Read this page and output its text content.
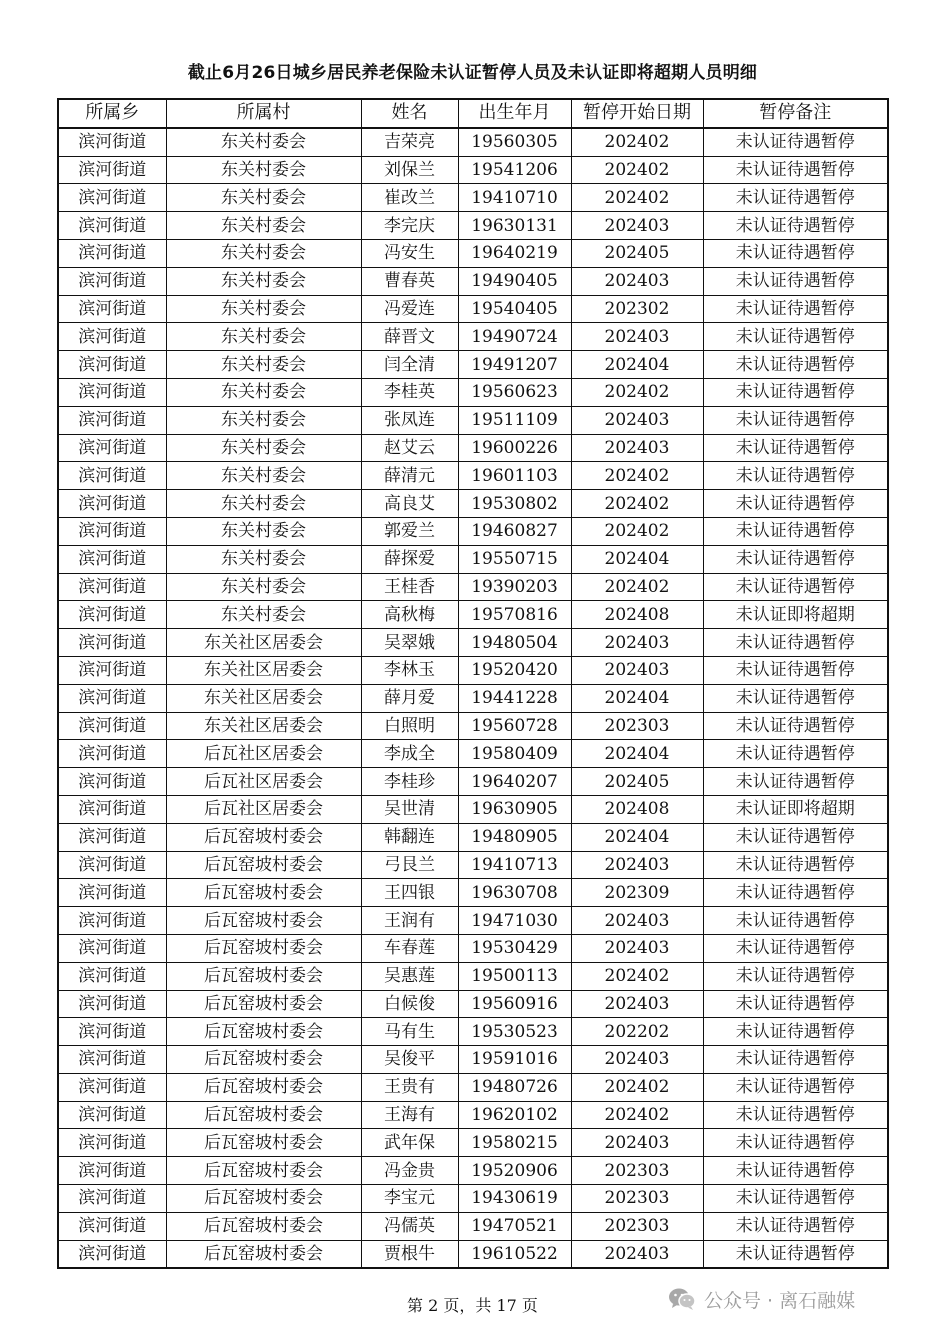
截止6月26日城乡居民养老保险未认证暂停人员及未认证即将超期人员明细
所属乡	所属村	姓名	出生年月	暂停开始日期	暂停备注
滨河街道	东关村委会	吉荣亮	19560305	202402	未认证待遇暂停
滨河街道	东关村委会	刘保兰	19541206	202402	未认证待遇暂停
滨河街道	东关村委会	崔改兰	19410710	202402	未认证待遇暂停
滨河街道	东关村委会	李完庆	19630131	202403	未认证待遇暂停
滨河街道	东关村委会	冯安生	19640219	202405	未认证待遇暂停
滨河街道	东关村委会	曹春英	19490405	202403	未认证待遇暂停
滨河街道	东关村委会	冯爱连	19540405	202302	未认证待遇暂停
滨河街道	东关村委会	薛晋文	19490724	202403	未认证待遇暂停
滨河街道	东关村委会	闫全清	19491207	202404	未认证待遇暂停
滨河街道	东关村委会	李桂英	19560623	202402	未认证待遇暂停
滨河街道	东关村委会	张凤连	19511109	202403	未认证待遇暂停
滨河街道	东关村委会	赵艾云	19600226	202403	未认证待遇暂停
滨河街道	东关村委会	薛清元	19601103	202402	未认证待遇暂停
滨河街道	东关村委会	高良艾	19530802	202402	未认证待遇暂停
滨河街道	东关村委会	郭爱兰	19460827	202402	未认证待遇暂停
滨河街道	东关村委会	薛探爱	19550715	202404	未认证待遇暂停
滨河街道	东关村委会	王桂香	19390203	202402	未认证待遇暂停
滨河街道	东关村委会	高秋梅	19570816	202408	未认证即将超期
滨河街道	东关社区居委会	吴翠娥	19480504	202403	未认证待遇暂停
滨河街道	东关社区居委会	李林玉	19520420	202403	未认证待遇暂停
滨河街道	东关社区居委会	薛月爱	19441228	202404	未认证待遇暂停
滨河街道	东关社区居委会	白照明	19560728	202303	未认证待遇暂停
滨河街道	后瓦社区居委会	李成全	19580409	202404	未认证待遇暂停
滨河街道	后瓦社区居委会	李桂珍	19640207	202405	未认证待遇暂停
滨河街道	后瓦社区居委会	吴世清	19630905	202408	未认证即将超期
滨河街道	后瓦窑坡村委会	韩翻连	19480905	202404	未认证待遇暂停
滨河街道	后瓦窑坡村委会	弓艮兰	19410713	202403	未认证待遇暂停
滨河街道	后瓦窑坡村委会	王四银	19630708	202309	未认证待遇暂停
滨河街道	后瓦窑坡村委会	王润有	19471030	202403	未认证待遇暂停
滨河街道	后瓦窑坡村委会	车春莲	19530429	202403	未认证待遇暂停
滨河街道	后瓦窑坡村委会	吴惠莲	19500113	202402	未认证待遇暂停
滨河街道	后瓦窑坡村委会	白候俊	19560916	202403	未认证待遇暂停
滨河街道	后瓦窑坡村委会	马有生	19530523	202202	未认证待遇暂停
滨河街道	后瓦窑坡村委会	吴俊平	19591016	202403	未认证待遇暂停
滨河街道	后瓦窑坡村委会	王贵有	19480726	202402	未认证待遇暂停
滨河街道	后瓦窑坡村委会	王海有	19620102	202402	未认证待遇暂停
滨河街道	后瓦窑坡村委会	武年保	19580215	202403	未认证待遇暂停
滨河街道	后瓦窑坡村委会	冯金贵	19520906	202303	未认证待遇暂停
滨河街道	后瓦窑坡村委会	李宝元	19430619	202303	未认证待遇暂停
滨河街道	后瓦窑坡村委会	冯儒英	19470521	202303	未认证待遇暂停
滨河街道	后瓦窑坡村委会	贾根牛	19610522	202403	未认证待遇暂停
第 2 页，共 17 页	公众号 · 离石融媒
